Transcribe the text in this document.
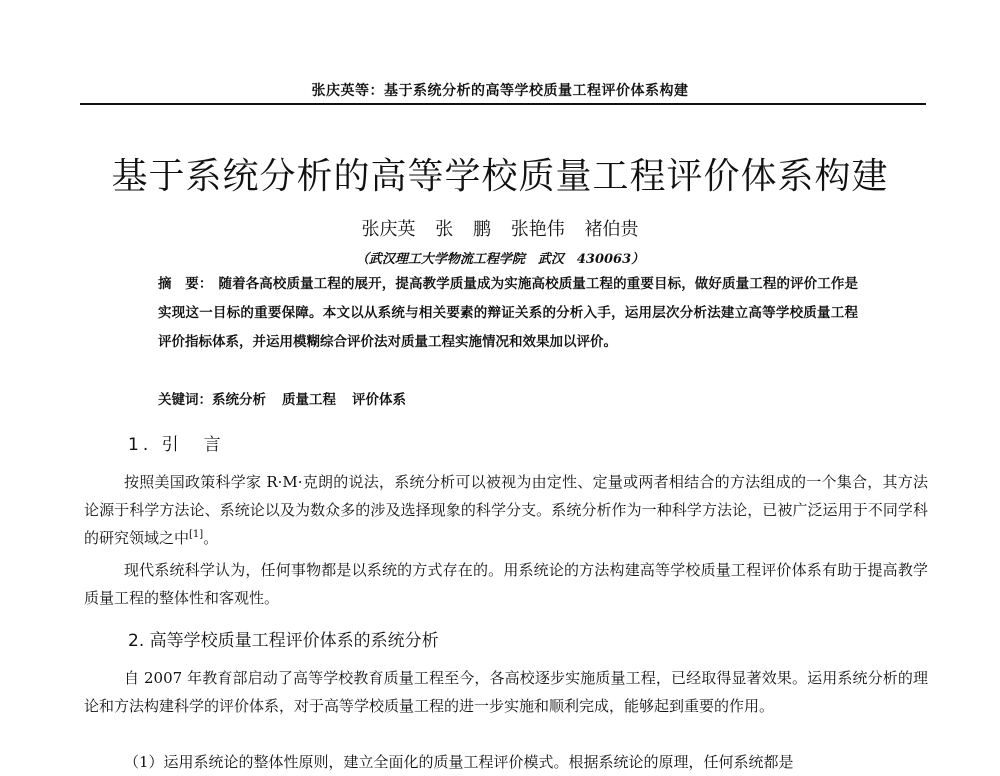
张庆英等：基于系统分析的高等学校质量工程评价体系构建
基于系统分析的高等学校质量工程评价体系构建
张庆英 张 鹏 张艳伟 褚伯贵
（武汉理工大学物流工程学院　武汉　430063）
摘　要： 随着各高校质量工程的展开，提高教学质量成为实施高校质量工程的重要目标，做好质量工程的评价工作是实现这一目标的重要保障。本文以从系统与相关要素的辩证关系的分析入手，运用层次分析法建立高等学校质量工程评价指标体系，并运用模糊综合评价法对质量工程实施情况和效果加以评价。
关键词：系统分析 质量工程 评价体系
1. 引　言
按照美国政策科学家 R·M·克朗的说法，系统分析可以被视为由定性、定量或两者相结合的方法组成的一个集合，其方法论源于科学方法论、系统论以及为数众多的涉及选择现象的科学分支。系统分析作为一种科学方法论，已被广泛运用于不同学科的研究领域之中[1]。
现代系统科学认为，任何事物都是以系统的方式存在的。用系统论的方法构建高等学校质量工程评价体系有助于提高教学质量工程的整体性和客观性。
2. 高等学校质量工程评价体系的系统分析
自 2007 年教育部启动了高等学校教育质量工程至今，各高校逐步实施质量工程，已经取得显著效果。运用系统分析的理论和方法构建科学的评价体系，对于高等学校质量工程的进一步实施和顺利完成，能够起到重要的作用。
（1）运用系统论的整体性原则，建立全面化的质量工程评价模式。根据系统论的原理，任何系统都是
